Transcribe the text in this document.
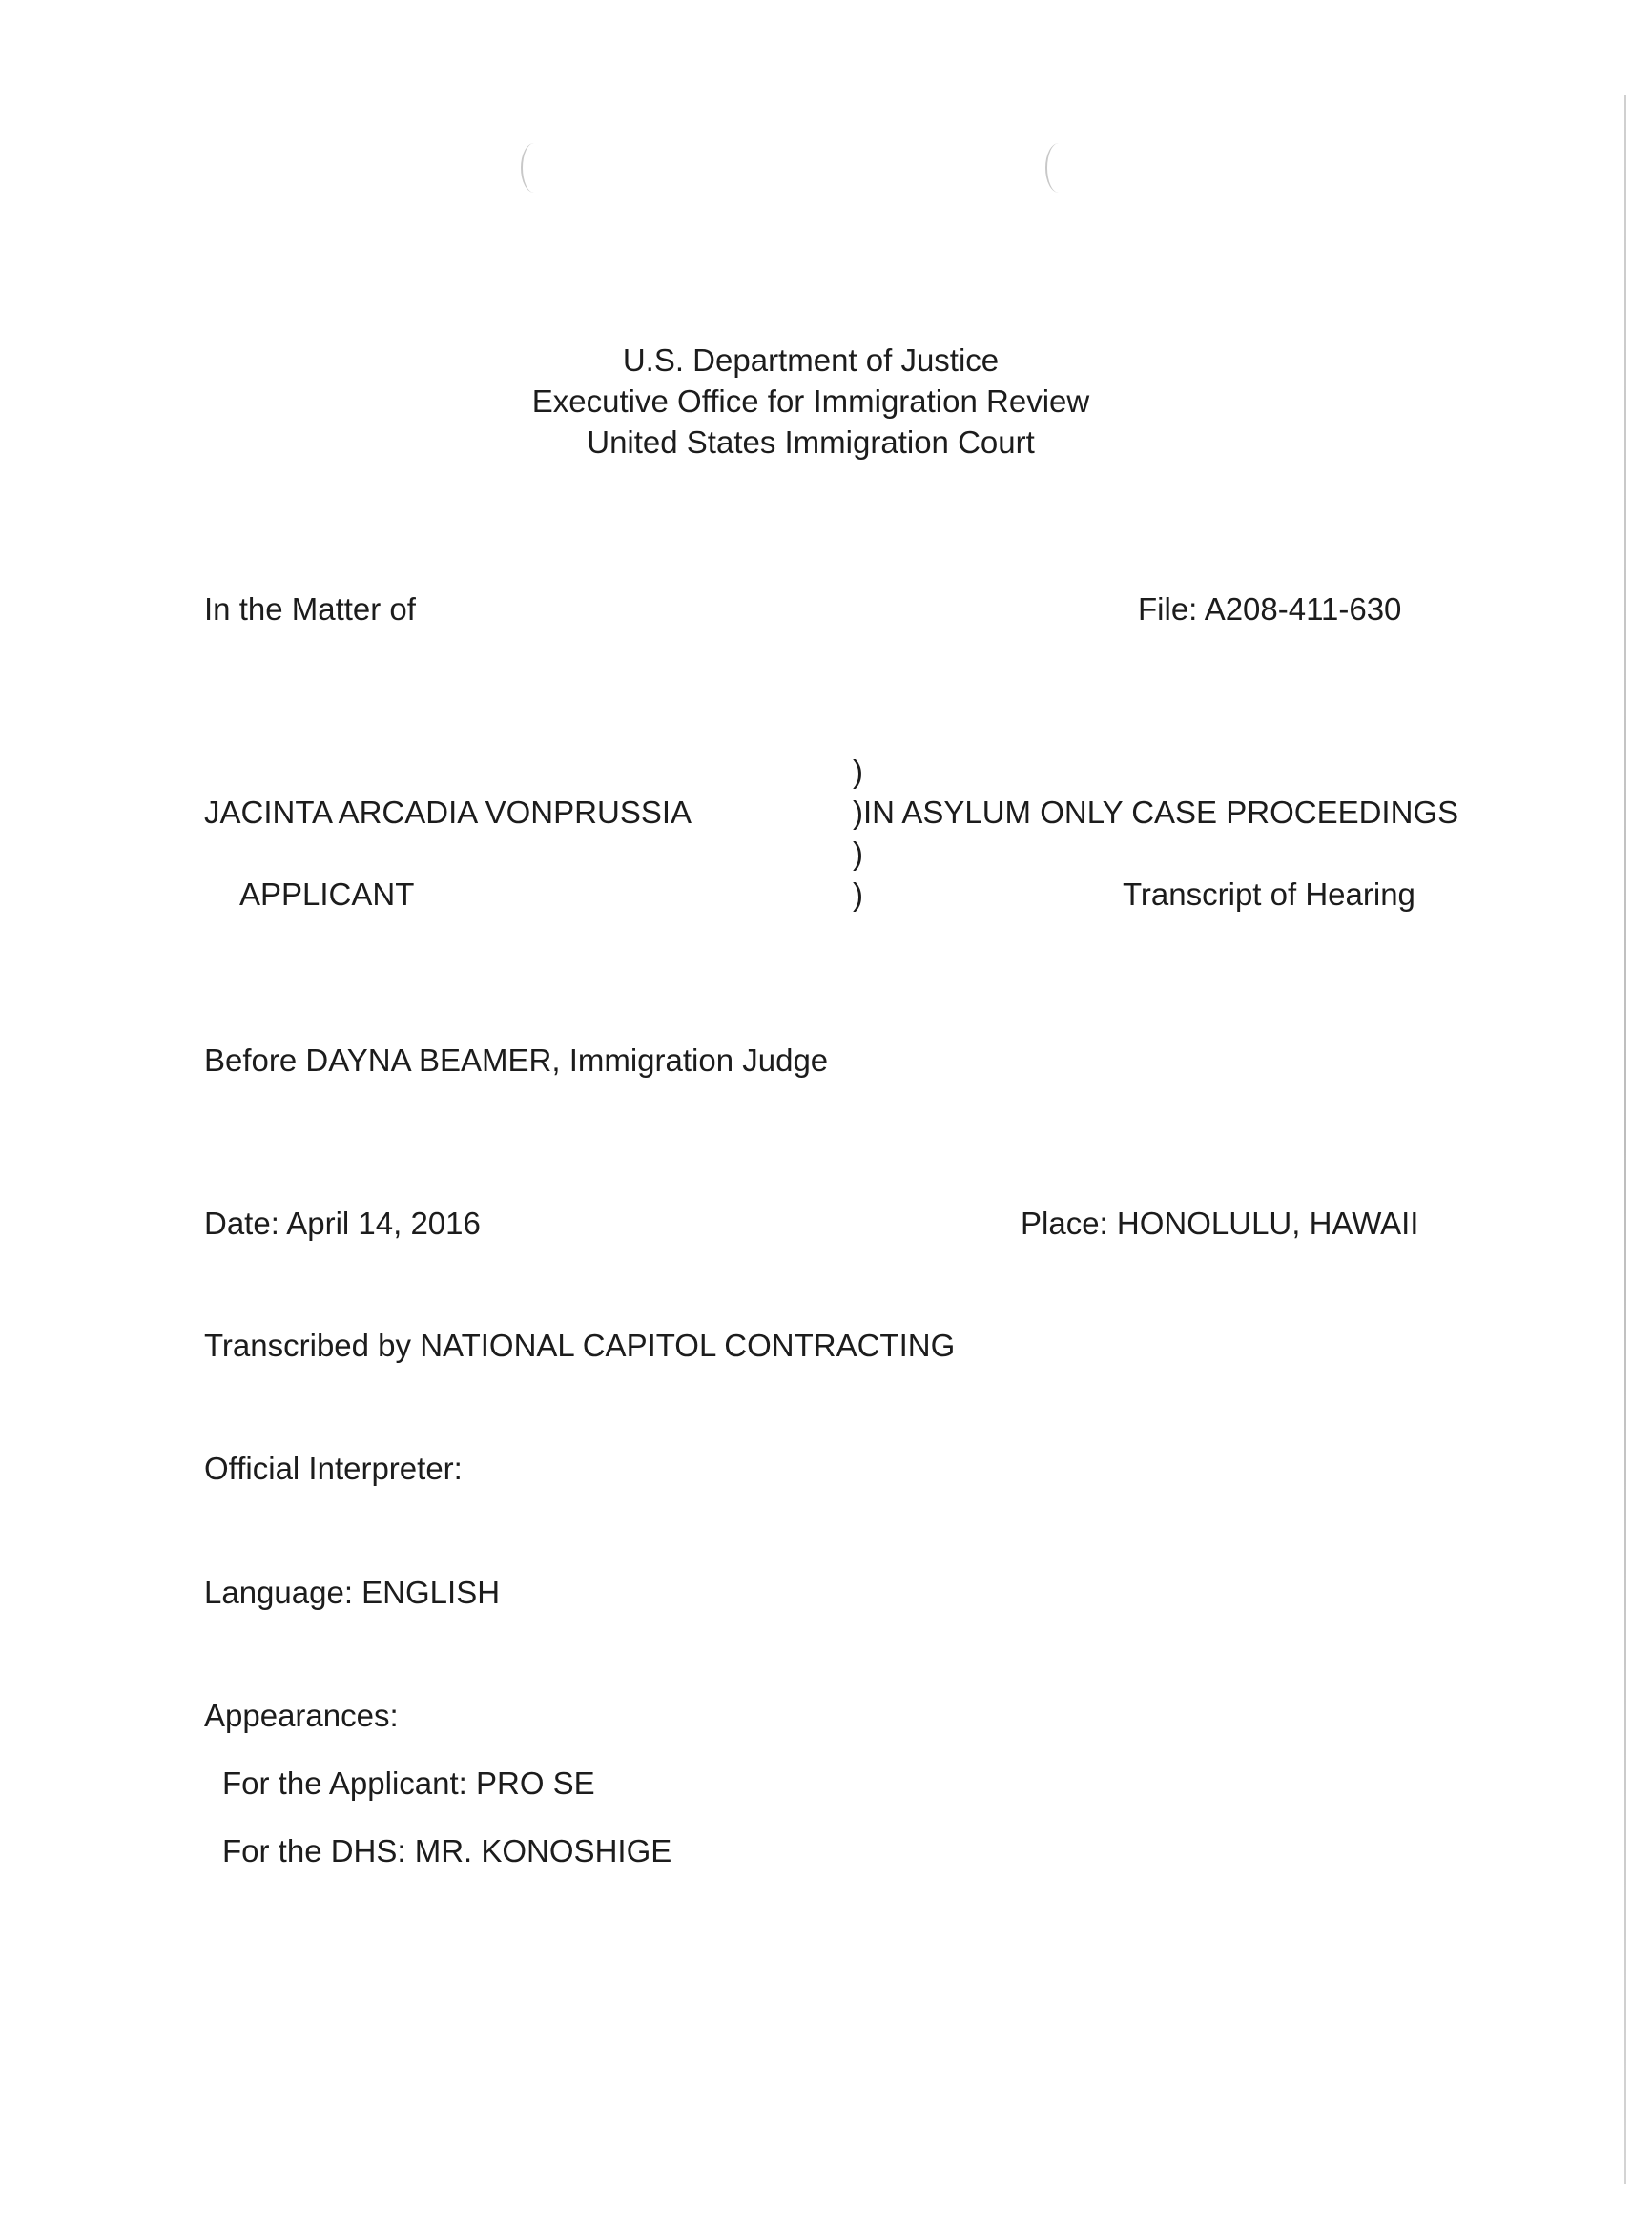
U.S. Department of Justice
Executive Office for Immigration Review
United States Immigration Court
In the Matter of	File: A208-411-630
)
JACINTA ARCADIA VONPRUSSIA	)IN ASYLUM ONLY CASE PROCEEDINGS
)
APPLICANT	)	Transcript of Hearing
Before DAYNA BEAMER, Immigration Judge
Date: April 14, 2016	Place: HONOLULU, HAWAII
Transcribed by NATIONAL CAPITOL CONTRACTING
Official Interpreter:
Language: ENGLISH
Appearances:
For the Applicant: PRO SE
For the DHS: MR. KONOSHIGE
